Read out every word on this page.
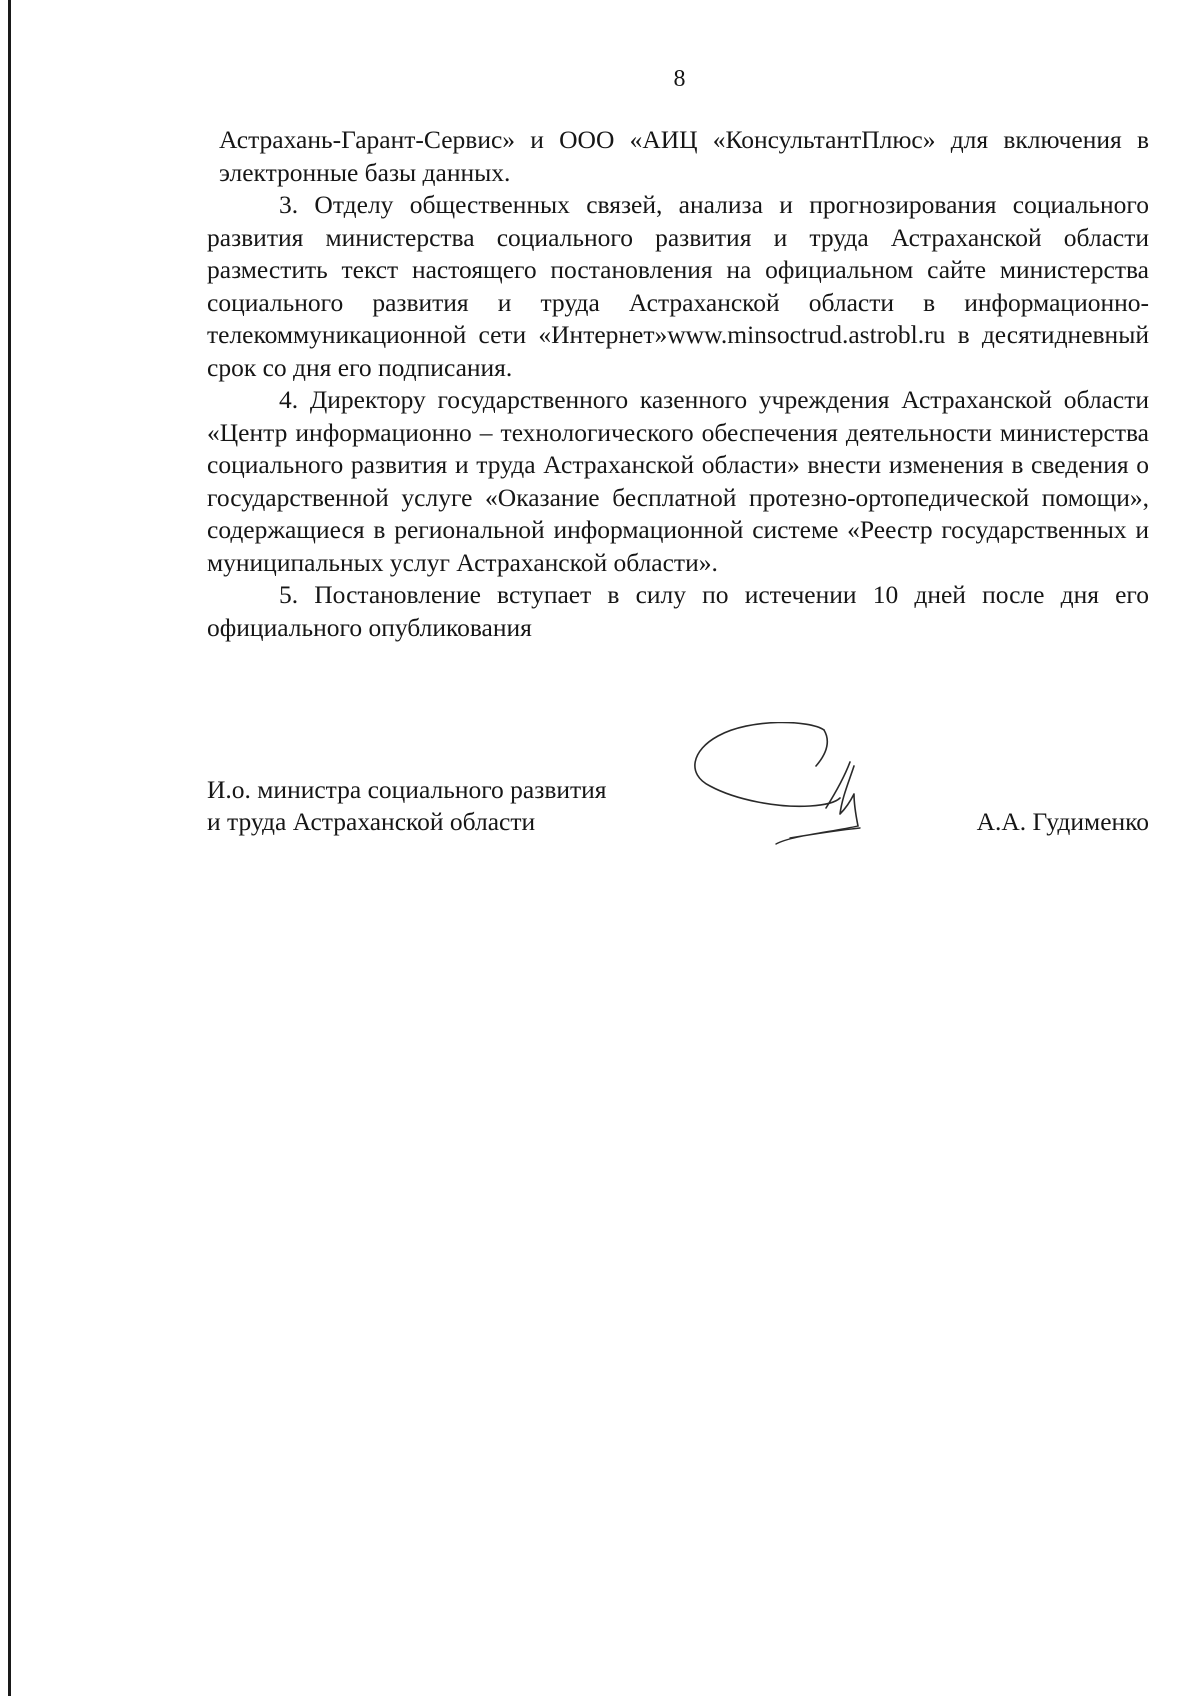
8

Астрахань-Гарант-Сервис» и ООО «АИЦ «КонсультантПлюс» для включения в электронные базы данных.

3. Отделу общественных связей, анализа и прогнозирования социального развития министерства социального развития и труда Астраханской области разместить текст настоящего постановления на официальном сайте министерства социального развития и труда Астраханской области в информационно-телекоммуникационной сети «Интернет»www.minsoctrud.astrobl.ru в десятидневный срок со дня его подписания.

4. Директору государственного казенного учреждения Астраханской области «Центр информационно – технологического обеспечения деятельности министерства социального развития и труда Астраханской области» внести изменения в сведения о государственной услуге «Оказание бесплатной протезно-ортопедической помощи», содержащиеся в региональной информационной системе «Реестр государственных и муниципальных услуг Астраханской области».

5. Постановление вступает в силу по истечении 10 дней после дня его официального опубликования

И.о. министра социального развития
и труда Астраханской области	А.А. Гудименко
